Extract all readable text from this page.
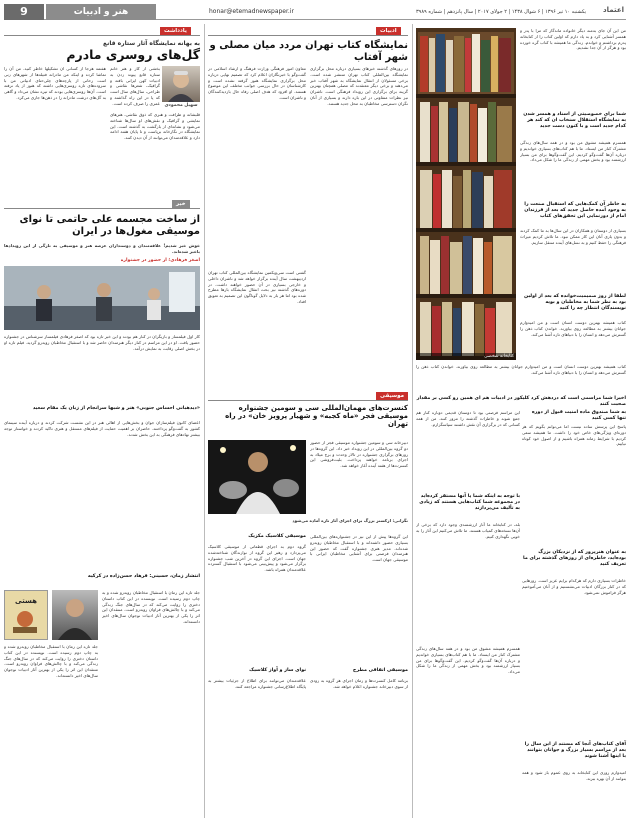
9	هنر و ادبیات	honar@etemadnewspaper.ir	یکشنبه ۱۰ تیر ۱۳۹۶ | ۶ شوال ۱۴۳۸ | ۲ جولای ۲۰۱۷ | سال پانزدهم | شماره ۳۹۸۹ اعتماد
یادداشت
به بهانه نمایشگاه آثار ستاره قانع
گل‌های روسری مادرم
سهیل محمودی
بخشی از کار و هنر خانم ستاره قانع پیوند زدن به ادبیات کهن ایرانی بافته و گرافیک، شعرها نقاشی و طراحی، سال‌های سال است که پا در این راه گذاشته و عمری را صرف کرده است.
هفتمه هرجا از کسانی ان تشکیلها خاطر کنید. من آن را تماشا کرده و اینکه من مادرانه فتیله‌ها از شهرهای زنی است رحانی از پارچه‌های چلی‌حنای ادبیاتی من با سروده‌های تازه روسری‌هایی داشته که هنوز از یاد نرفته است. آن‌ها روسری‌هایی بودند که تیره نشان می‌داد و گاهی به گل‌های درشت مادرانه را در ذهن‌ها جاری می‌کرد.
قلبشانه و ظرافت و هنری که ذوق نقاشی، هنرهای نمایشی و گرافیک و نقش‌های او سال‌ها شناخته می‌شود و نشانه‌ای از بازگشت به گذشته است. این نمایشگاه در نگارخانه برپاست و تا پایان هفته ادامه دارد و علاقه‌مندان می‌توانند از آن دیدن کنند.
خبر
از ساخت مجسمه علی حاتمی تا نوای موسیقی مغول‌ها در ایران
خوش خبر شدیم! علاقه‌مندان و دوستداران عرصه هنر و موسیقی به تازگی از این رویدادها باخبر شده‌اند.
اصغر فرهادی؛ از حضور در جشنواره
کار اول فیلمساز و بازیگران در کنار هم بودند و این خبر تازه بود که اصغر فرهادی فیلمساز سرشناس در جشنواره حضور یافت. او در این مراسم در کنار دیگر هنرمندان حاضر شد و با استقبال مخاطبان روبه‌رو گردید. فیلم تازه او در بخش اصلی رقابت به نمایش درآمد.
«دیدهبانی احساس جنوبی» هنر و شبها سرانجام از زبان یک مقام سعید
اعضای کانون فیلم‌سازان جوان و بخش‌هایی از اهالی هنر در این نشست شرکت کردند و درباره آینده سینمای کشور به گفت‌وگو پرداختند. حاضران بر اهمیت حمایت از فیلم‌های مستقل و هنری تاکید کردند و خواستار توجه بیشتر نهادهای فرهنگی به این بخش شدند.
انتشار زمان، حسینی: فرهاد حسن‌زاده در کرکیه
هستی
جلد تازه این رمان با استقبال مخاطبان روبه‌رو شده و به چاپ دوم رسیده است. نویسنده در این کتاب داستان دختری را روایت می‌کند که در سال‌های جنگ زندگی می‌کند و با چالش‌های فراوان روبه‌رو است. منتقدان این اثر را یکی از بهترین آثار ادبیات نوجوان سال‌های اخیر دانسته‌اند.
جلد تازه این رمان با استقبال مخاطبان روبه‌رو شده و به چاپ دوم رسیده است. نویسنده در این کتاب داستان دختری را روایت می‌کند که در سال‌های جنگ زندگی می‌کند و با چالش‌های فراوان روبه‌رو است. منتقدان این اثر را یکی از بهترین آثار ادبیات نوجوان سال‌های اخیر دانسته‌اند.
ادبیات
نمایشگاه کتاب تهران مردد میان مصلی و شهر آفتاب
در روزهای گذشته خبرهای بسیاری درباره محل برگزاری نمایشگاه بین‌المللی کتاب تهران منتشر شده است. برخی مسئولان از انتقال نمایشگاه به شهر آفتاب خبر می‌دهند و برخی دیگر معتقدند که مصلی همچنان بهترین گزینه برای برگزاری این رویداد فرهنگی است. ناشران نیز نظرات متفاوتی در این باره دارند و بسیاری از آنان نگران دسترسی مخاطبان به محل جدید هستند.
معاون امور فرهنگی وزارت فرهنگ و ارشاد اسلامی در گفت‌وگو با خبرنگاران اعلام کرد که تصمیم نهایی درباره محل برگزاری نمایشگاه هنوز گرفته نشده است و کارشناسان در حال بررسی جوانب مختلف این موضوع هستند. او افزود که هدف اصلی رفاه حال بازدیدکنندگان و ناشران است.
گفتنی است سی‌ویکمین نمایشگاه بین‌المللی کتاب تهران اردیبهشت سال آینده برگزار خواهد شد و ناشران داخلی و خارجی بسیاری در آن حضور خواهند داشت. در دوره‌های گذشته نیز بحث انتقال نمایشگاه بارها مطرح شده بود اما هر بار به دلایل گوناگون این تصمیم به تعویق افتاد.
موسیقی
کنسرت‌های مهمان‌المللی سی و سومین جشنواره موسیقی فجر «ماه کجبه» و شهیار پرویز خان» در راه تهران
دبیرخانه سی و سومین جشنواره موسیقی فجر از حضور دو گروه بین‌المللی در این رویداد خبر داد. این گروه‌ها در روزهای برگزاری جشنواره در تالار وحدت و برج میلاد به اجرای برنامه خواهند پرداخت. بلیت‌فروشی این کنسرت‌ها از هفته آینده آغاز خواهد شد.
نگرانی: ارکستر بزرگ برای اجرای آثار تازه آماده می‌شود
این گروه‌ها پیش از این نیز در جشنواره‌های بین‌المللی بسیاری حضور داشته‌اند و با استقبال مخاطبان روبه‌رو شده‌اند. مدیر هنری جشنواره گفت که حضور این هنرمندان فرصتی برای آشنایی مخاطبان ایرانی با موسیقی جهان است.
موسیقی کلاسیک مکزیک
گروه دوم به اجرای قطعاتی از موسیقی کلاسیک می‌پردازد و رهبر این گروه از نوازندگان شناخته‌شده جهان است. اجرای این گروه در آخرین شب جشنواره برگزار می‌شود و پیش‌بینی می‌شود با استقبال گسترده علاقه‌مندان همراه باشد.
موسیقی اتفاقی مطرح
برنامه کامل کنسرت‌ها و زمان اجرای هر گروه به زودی از سوی دبیرخانه جشنواره اعلام خواهد شد.
نوای ساز و آواز کلاسیک
علاقه‌مندان می‌توانند برای اطلاع از جزئیات بیشتر به پایگاه اطلاع‌رسانی جشنواره مراجعه کنند.
من این آن جای به‌منه دیگر خانواده ماندگار که مرا با پدر و همسر آشنایی کرد و به یاد دارم که اولین کتاب را از کتابخانه پدرم برداشتم و خواندم. زندگی ما همیشه با کتاب گره خورده بود و هرگز از آن جدا نشدیم.
شما برای خصوصیتی از اسناد و همسر شدن به نمایشگاه استقلال سنخاب ان که کند هر کدام جدید است و با کنون دست جدید
همسرم همیشه مشوق من بود و در همه سال‌های زندگی مشترک کنار من ایستاد. ما با هم کتاب‌های بسیاری خواندیم و درباره آن‌ها گفت‌وگو کردیم. این گفت‌وگوها برای من بسیار ارزشمند بود و بخش مهمی از زندگی ما را شکل می‌داد.
به خاطر آن کمک‌هایی که استقبال صنعت را به وجود آمده حاصل جدید که بعد از فرزندان امام از دورنمایی این تحقق‌های کتاب
بسیاری از دوستان و همکاران در این سال‌ها به ما کمک کردند و بدون یاری آنان این کار ممکن نبود. ما تلاش کردیم میراث فرهنگی را حفظ کنیم و به نسل‌های آینده منتقل سازیم.
لطفا از روز صمیمیت‌خوانده که بعد از اولین بود به نظر شما به مخاطبان و بویه نویسندگان انتظار چه را کنید
کتاب همیشه بهترین دوست انسان است و من امیدوارم جوانان بیشتر به مطالعه روی بیاورند. خواندن کتاب ذهن را گسترش می‌دهد و انسان را با دنیاهای تازه آشنا می‌کند.
کتابخانه شخصی
کتاب همیشه بهترین دوست انسان است و من امیدوارم جوانان بیشتر به مطالعه روی بیاورند. خواندن کتاب ذهن را گسترش می‌دهد و انسان را با دنیاهای تازه آشنا می‌کند.
اخیرا شما مراسمی است که دردهش کرد کلیکور در ادبیات هم ای همین رو کسی بر مقدار صحبت کنند
این مراسم فرصتی بود تا دوستان قدیمی دوباره کنار هم جمع شوند و خاطرات گذشته را مرور کنند. من از همه کسانی که در برگزاری آن نقش داشتند سپاسگزارم.
به شما صندوق ماده امنیت قبول از دوره تنها کسی کنید
پاسخ این پرسش ساده نیست اما می‌توانم بگویم که هر دوره‌ای ویژگی‌های خاص خود را داشت. ما همیشه سعی کردیم با شرایط زمانه همراه باشیم و از اصول خود کوتاه نیاییم.
با توجه به اینکه شما پا آنها مستقر کرده‌اید در مجموعه شما کتاب‌هایی هستند که زیادی به تألیف می‌پردازند
بله، در کتابخانه ما آثار ارزشمندی وجود دارد که برخی از آن‌ها نسخه‌های کمیاب هستند. ما تلاش می‌کنیم این آثار را به خوبی نگهداری کنیم.
به عنوان هنرپرور که از نزدیکان بزرگ بوده‌اید، خاطره‌ای از روزهای گذشته برای ما تعریف کنید
خاطرات بسیاری دارم که هرکدام برایم عزیز است. روزهایی که در کنار بزرگان ادبیات می‌نشستیم و از آنان می‌آموختیم هرگز فراموش نمی‌شود.
همسرم همیشه مشوق من بود و در همه سال‌های زندگی مشترک کنار من ایستاد. ما با هم کتاب‌های بسیاری خواندیم و درباره آن‌ها گفت‌وگو کردیم. این گفت‌وگوها برای من بسیار ارزشمند بود و بخش مهمی از زندگی ما را شکل می‌داد.
آقای کتاب‌های آنجا که مستند از این سال را بعد از مراسم بسیار بزرگ و جوانان بتوانند با اینها آشنا شوند
امیدوارم روزی این کتابخانه به روی عموم باز شود و همه بتوانند از آن بهره ببرند.
